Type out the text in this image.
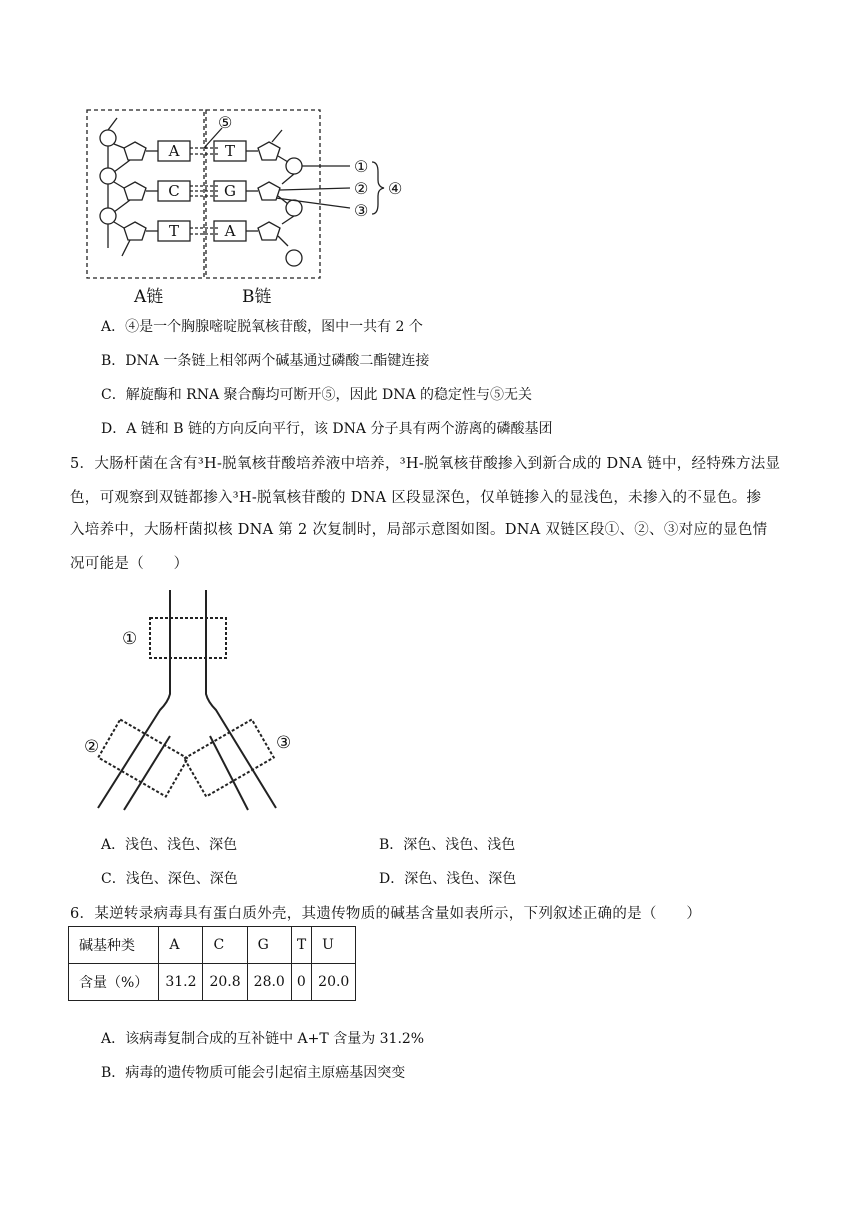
A
C
T
T
G
A
①
②
③
④
⑤
A链	B链
A．④是一个胸腺嘧啶脱氧核苷酸，图中一共有 2 个
B．DNA 一条链上相邻两个碱基通过磷酸二酯键连接
C．解旋酶和 RNA 聚合酶均可断开⑤，因此 DNA 的稳定性与⑤无关
D．A 链和 B 链的方向反向平行，该 DNA 分子具有两个游离的磷酸基团
5．大肠杆菌在含有³H-脱氧核苷酸培养液中培养，³H-脱氧核苷酸掺入到新合成的 DNA 链中，经特殊方法显
色，可观察到双链都掺入³H-脱氧核苷酸的 DNA 区段显深色，仅单链掺入的显浅色，未掺入的不显色。掺
入培养中，大肠杆菌拟核 DNA 第 2 次复制时，局部示意图如图。DNA 双链区段①、②、③对应的显色情
况可能是（　　）
①
②	③
A．浅色、浅色、深色	B．深色、浅色、浅色
C．浅色、深色、深色	D．深色、浅色、深色
6．某逆转录病毒具有蛋白质外壳，其遗传物质的碱基含量如表所示，下列叙述正确的是（　　）
碱基种类	A	C	G	T	U
含量（%）	31.2	20.8	28.0	0	20.0
A．该病毒复制合成的互补链中 A+T 含量为 31.2%
B．病毒的遗传物质可能会引起宿主原癌基因突变
